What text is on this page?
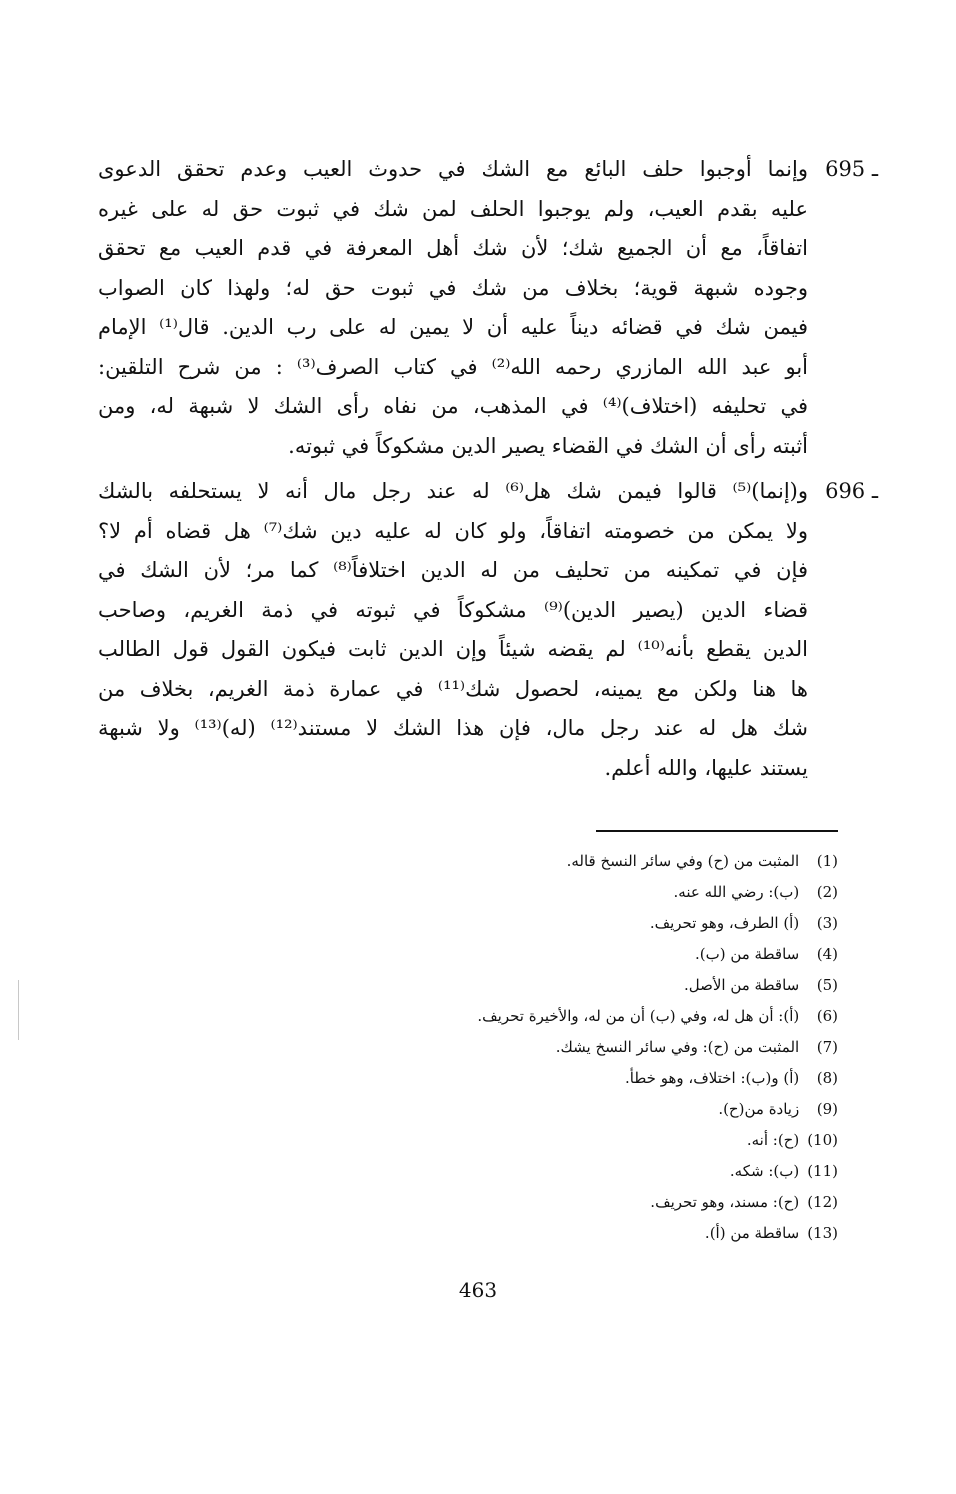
695 ـ
وإنما أوجبوا حلف البائع مع الشك في حدوث العيب وعدم تحقق الدعوى
عليه بقدم العيب، ولم يوجبوا الحلف لمن شك في ثبوت حق له على غيره
اتفاقاً، مع أن الجميع شك؛ لأن شك أهل المعرفة في قدم العيب مع تحقق
وجوده شبهة قوية؛ بخلاف من شك في ثبوت حق له؛ ولهذا كان الصواب
فيمن شك في قضائه ديناً عليه أن لا يمين له على رب الدين. قال⁽¹⁾ الإمام
أبو عبد الله المازري رحمه الله⁽²⁾ في كتاب الصرف⁽³⁾ : من شرح التلقين:
في تحليفه (اختلاف)⁽⁴⁾ في المذهب، من نفاه رأى الشك لا شبهة له، ومن
أثبته رأى أن الشك في القضاء يصير الدين مشكوكاً في ثبوته.
696 ـ
و(إنما)⁽⁵⁾ قالوا فيمن شك هل⁽⁶⁾ له عند رجل مال أنه لا يستحلفه بالشك
ولا يمكن من خصومته اتفاقاً، ولو كان له عليه دين شك⁽⁷⁾ هل قضاه أم لا؟
فإن في تمكينه من تحليف من له الدين اختلافاً⁽⁸⁾ كما مر؛ لأن الشك في
قضاء الدين (يصير الدين)⁽⁹⁾ مشكوكاً في ثبوته في ذمة الغريم، وصاحب
الدين يقطع بأنه⁽¹⁰⁾ لم يقضه شيئاً وإن الدين ثابت فيكون القول قول الطالب
ها هنا ولكن مع يمينه، لحصول شك⁽¹¹⁾ في عمارة ذمة الغريم، بخلاف من
شك هل له عند رجل مال، فإن هذا الشك لا مستند⁽¹²⁾ (له)⁽¹³⁾ ولا شبهة
يستند عليها، والله أعلم.
(1) المثبت من (ح) وفي سائر النسخ قاله.
(2) (ب): رضي الله عنه.
(3) (أ) الطرف، وهو تحريف.
(4) ساقطة من (ب).
(5) ساقطة من الأصل.
(6) (أ): أن هل له، وفي (ب) أن من له، والأخيرة تحريف.
(7) المثبت من (ح): وفي سائر النسخ يشك.
(8) (أ) و(ب): اختلاف، وهو خطأ.
(9) زيادة من(ح).
(10) (ح): أنه.
(11) (ب): شكه.
(12) (ح): مسند، وهو تحريف.
(13) ساقطة من (أ).
463
